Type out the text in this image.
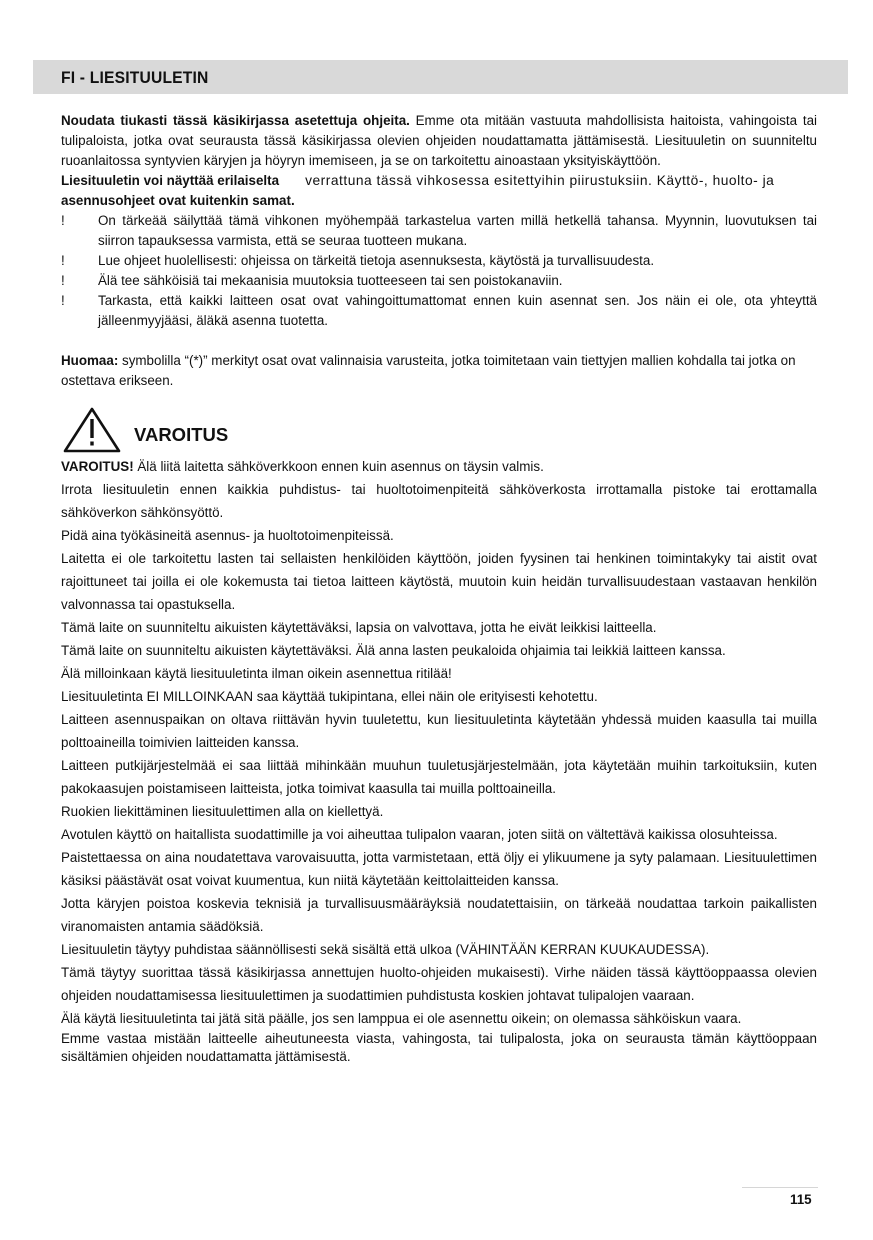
FI - LIESITUULETIN

Noudata tiukasti tässä käsikirjassa asetettuja ohjeita. Emme ota mitään vastuuta mahdollisista haitoista, vahingoista tai tulipaloista, jotka ovat seurausta tässä käsikirjassa olevien ohjeiden noudattamatta jättämisestä. Liesituuletin on suunniteltu ruoanlaitossa syntyvien käryjen ja höyryn imemiseen, ja se on tarkoitettu ainoastaan yksityiskäyttöön.

Liesituuletin voi näyttää erilaiselta verrattuna tässä vihkosessa esitettyihin piirustuksiin. Käyttö-, huolto- ja
asennusohjeet ovat kuitenkin samat.

! On tärkeää säilyttää tämä vihkonen myöhempää tarkastelua varten millä hetkellä tahansa. Myynnin, luovutuksen tai siirron tapauksessa varmista, että se seuraa tuotteen mukana.
! Lue ohjeet huolellisesti: ohjeissa on tärkeitä tietoja asennuksesta, käytöstä ja turvallisuudesta.
! Älä tee sähköisiä tai mekaanisia muutoksia tuotteeseen tai sen poistokanaviin.
! Tarkasta, että kaikki laitteen osat ovat vahingoittumattomat ennen kuin asennat sen. Jos näin ei ole, ota yhteyttä jälleenmyyjääsi, äläkä asenna tuotetta.

Huomaa: symbolilla “(*)” merkityt osat ovat valinnaisia varusteita, jotka toimitetaan vain tiettyjen mallien kohdalla tai jotka on ostettava erikseen.

VAROITUS

VAROITUS! Älä liitä laitetta sähköverkkoon ennen kuin asennus on täysin valmis.

Irrota liesituuletin ennen kaikkia puhdistus- tai huoltotoimenpiteitä sähköverkosta irrottamalla pistoke tai erottamalla sähköverkon sähkönsyöttö.

Pidä aina työkäsineitä asennus- ja huoltotoimenpiteissä.

Laitetta ei ole tarkoitettu lasten tai sellaisten henkilöiden käyttöön, joiden fyysinen tai henkinen toimintakyky tai aistit ovat rajoittuneet tai joilla ei ole kokemusta tai tietoa laitteen käytöstä, muutoin kuin heidän turvallisuudestaan vastaavan henkilön valvonnassa tai opastuksella.

Tämä laite on suunniteltu aikuisten käytettäväksi, lapsia on valvottava, jotta he eivät leikkisi laitteella.

Tämä laite on suunniteltu aikuisten käytettäväksi. Älä anna lasten peukaloida ohjaimia tai leikkiä laitteen kanssa.

Älä milloinkaan käytä liesituuletinta ilman oikein asennettua ritilää!

Liesituuletinta EI MILLOINKAAN saa käyttää tukipintana, ellei näin ole erityisesti kehotettu.

Laitteen asennuspaikan on oltava riittävän hyvin tuuletettu, kun liesituuletinta käytetään yhdessä muiden kaasulla tai muilla polttoaineilla toimivien laitteiden kanssa.

Laitteen putkijärjestelmää ei saa liittää mihinkään muuhun tuuletusjärjestelmään, jota käytetään muihin tarkoituksiin, kuten pakokaasujen poistamiseen laitteista, jotka toimivat kaasulla tai muilla polttoaineilla.

Ruokien liekittäminen liesituulettimen alla on kiellettyä.

Avotulen käyttö on haitallista suodattimille ja voi aiheuttaa tulipalon vaaran, joten siitä on vältettävä kaikissa olosuhteissa.

Paistettaessa on aina noudatettava varovaisuutta, jotta varmistetaan, että öljy ei ylikuumene ja syty palamaan. Liesituulettimen käsiksi päästävät osat voivat kuumentua, kun niitä käytetään keittolaitteiden kanssa.

Jotta käryjen poistoa koskevia teknisiä ja turvallisuusmääräyksiä noudatettaisiin, on tärkeää noudattaa tarkoin paikallisten viranomaisten antamia säädöksiä.

Liesituuletin täytyy puhdistaa säännöllisesti sekä sisältä että ulkoa (VÄHINTÄÄN KERRAN KUUKAUDESSA).

Tämä täytyy suorittaa tässä käsikirjassa annettujen huolto-ohjeiden mukaisesti). Virhe näiden tässä käyttöoppaassa olevien ohjeiden noudattamisessa liesituulettimen ja suodattimien puhdistusta koskien johtavat tulipalojen vaaraan.

Älä käytä liesituuletinta tai jätä sitä päälle, jos sen lamppua ei ole asennettu oikein; on olemassa sähköiskun vaara.

Emme vastaa mistään laitteelle aiheutuneesta viasta, vahingosta, tai tulipalosta, joka on seurausta tämän käyttöoppaan sisältämien ohjeiden noudattamatta jättämisestä.

115
